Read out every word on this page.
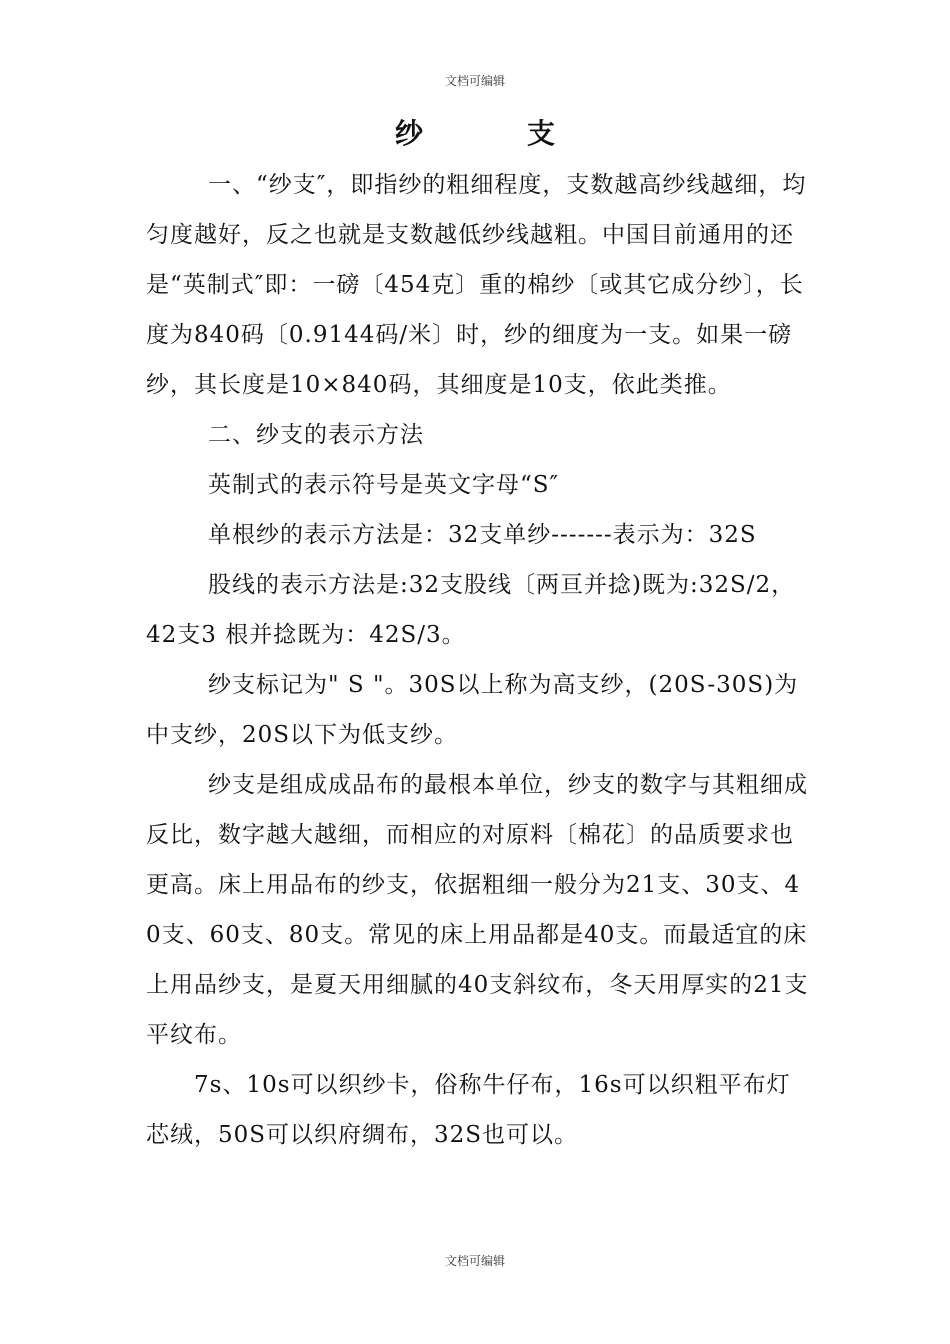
文档可编辑
纱　支

一、“纱支″，即指纱的粗细程度，支数越高纱线越细，均匀度越好，反之也就是支数越低纱线越粗。中国目前通用的还是“英制式″即：一磅〔454克〕重的棉纱〔或其它成分纱〕，长度为840码〔0.9144码/米〕时，纱的细度为一支。如果一磅纱，其长度是10×840码，其细度是10支，依此类推。

二、纱支的表示方法

英制式的表示符号是英文字母“S″

单根纱的表示方法是：32支单纱-------表示为：32S

股线的表示方法是:32支股线〔两亘并捻)既为:32S/2，42支3 根并捻既为：42S/3。

纱支标记为" S "。30S以上称为高支纱，(20S-30S)为中支纱，20S以下为低支纱。

纱支是组成成品布的最根本单位，纱支的数字与其粗细成反比，数字越大越细，而相应的对原料〔棉花〕的品质要求也更高。床上用品布的纱支，依据粗细一般分为21支、30支、40支、60支、80支。常见的床上用品都是40支。而最适宜的床上用品纱支，是夏天用细腻的40支斜纹布，冬天用厚实的21支平纹布。

7s、10s可以织纱卡，俗称牛仔布，16s可以织粗平布灯芯绒，50S可以织府绸布，32S也可以。

文档可编辑
